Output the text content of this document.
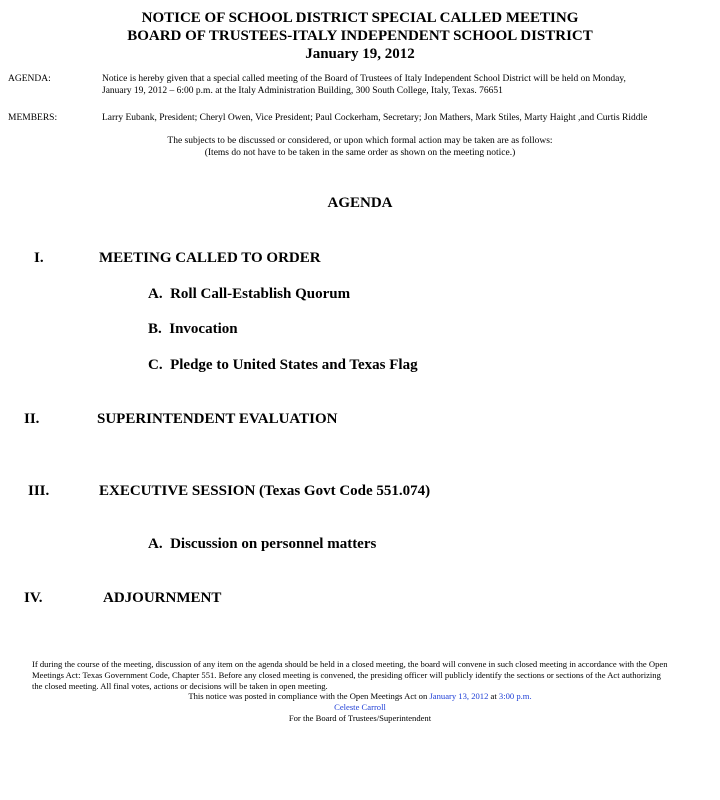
NOTICE OF SCHOOL DISTRICT SPECIAL CALLED MEETING
BOARD OF TRUSTEES-ITALY INDEPENDENT SCHOOL DISTRICT
January 19, 2012
AGENDA:	Notice is hereby given that a special called meeting of the Board of Trustees of Italy Independent School District will be held on Monday,
January 19, 2012 – 6:00 p.m. at the Italy Administration Building, 300 South College, Italy, Texas. 76651
MEMBERS:	Larry Eubank, President; Cheryl Owen, Vice President; Paul Cockerham, Secretary; Jon Mathers, Mark Stiles, Marty Haight ,and Curtis Riddle
The subjects to be discussed or considered, or upon which formal action may be taken are as follows:
(Items do not have to be taken in the same order as shown on the meeting notice.)
AGENDA
I.	MEETING CALLED TO ORDER
A.  Roll Call-Establish Quorum
B.  Invocation
C.  Pledge to United States and Texas Flag
II.	SUPERINTENDENT EVALUATION
III.	EXECUTIVE SESSION (Texas Govt Code 551.074)
A.  Discussion on personnel matters
IV.	ADJOURNMENT
If during the course of the meeting, discussion of any item on the agenda should be held in a closed meeting, the board will convene in such closed meeting in accordance with the Open
Meetings Act: Texas Government Code, Chapter 551. Before any closed meeting is convened, the presiding officer will publicly identify the sections or sections of the Act authorizing
the closed meeting. All final votes, actions or decisions will be taken in open meeting.
This notice was posted in compliance with the Open Meetings Act on January 13, 2012 at 3:00 p.m.
Celeste Carroll
For the Board of Trustees/Superintendent
